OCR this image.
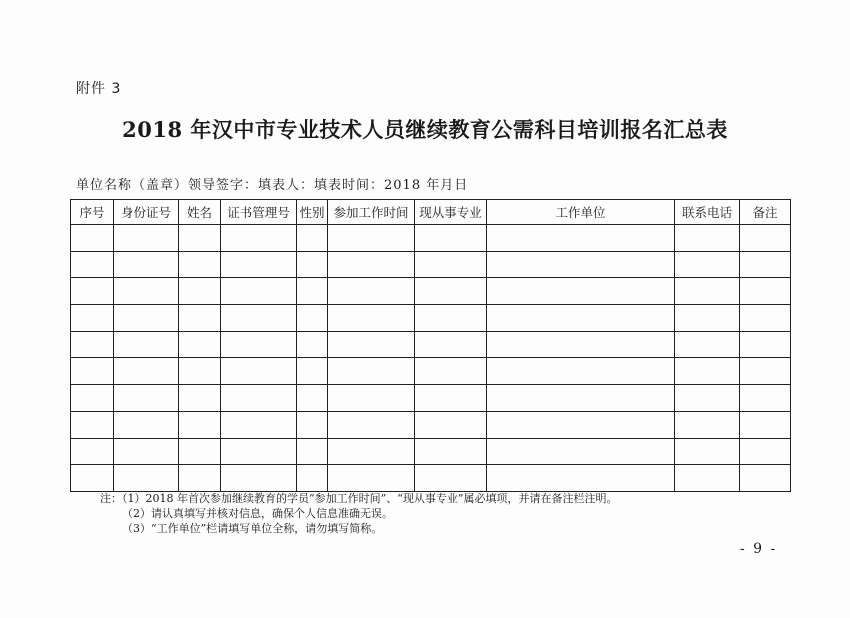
附件 3
2018 年汉中市专业技术人员继续教育公需科目培训报名汇总表
单位名称（盖章）领导签字：填表人：填表时间：2018 年月日
序号	身份证号	姓名	证书管理号	性别	参加工作时间	现从事专业	工作单位	联系电话	备注

注：（1）2018 年首次参加继续教育的学员“参加工作时间”、“现从事专业”属必填项，并请在备注栏注明。
（2）请认真填写并核对信息，确保个人信息准确无误。
（3）“工作单位”栏请填写单位全称，请勿填写简称。
- 9 -
